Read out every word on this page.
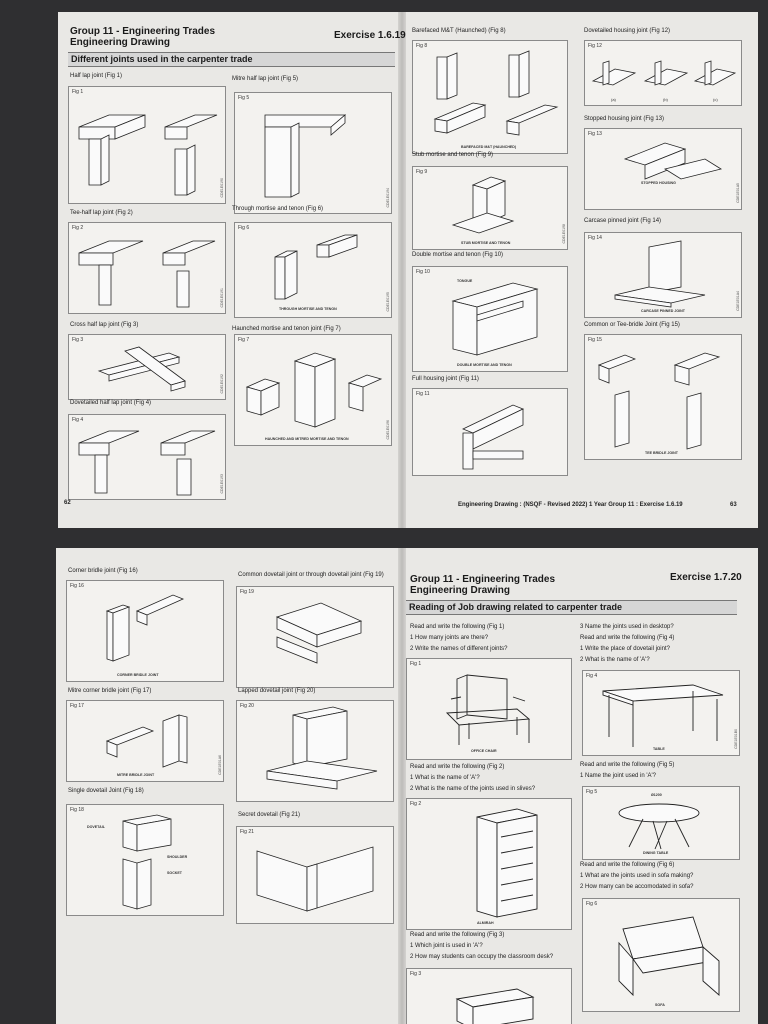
Group 11 - Engineering Trades
Engineering Drawing
Exercise 1.6.19
Different joints used in the carpenter trade
Half lap joint (Fig 1)
Fig 1
CDE1E0190
Mitre half lap joint (Fig 5)
Fig 5
CDE1E0194
Tee-half lap joint (Fig 2)
Fig 2
CDE1E0191
Through mortise and tenon (Fig 6)
Fig 6
THROUGH MORTISE AND TENON	CDE1E0195
Cross half lap joint (Fig 3)
Fig 3
CDE1E0192
Haunched mortise and tenon joint (Fig 7)
Fig 7
HAUNCHED AND MITRED MORTISE AND TENON	CDE1E0196
Dovetailed half lap joint (Fig 4)
Fig 4
CDE1E0193
62
Barefaced M&T (Haunched) (Fig 8)
Fig 8
BAREFACED M&T (HAUNCHED)
Stub mortise and tenon (Fig 9)
Fig 9
STUB MORTISE AND TENON	CDE1E0198
Double mortise and tenon (Fig 10)
Fig 10
TONGUE
DOUBLE MORTISE AND TENON
Full housing joint (Fig 11)
Fig 11
Dovetailed housing joint (Fig 12)
Fig 12
(a)	(b)	(c)
Stopped housing joint (Fig 13)
Fig 13
STOPPED HOUSING
CDE1E01A5
Carcase pinned joint (Fig 14)
Fig 14
CARCASE PINNED JOINT	CDE1E01A4
Common or Tee-bridle Joint (Fig 15)
Fig 15
TEE BRIDLE JOINT
Engineering Drawing : (NSQF - Revised 2022) 1 Year Group 11 : Exercise 1.6.19	63
Corner bridle joint (Fig 16)
Fig 16
CORNER BRIDLE JOINT
Common dovetail joint or through dovetail joint (Fig 19)
Fig 19
Mitre corner bridle joint (Fig 17)
Fig 17
MITRE BRIDLE JOINT	CDE1E01A6
Lapped dovetail joint (Fig 20)
Fig 20
Single dovetail Joint (Fig 18)
Fig 18
DOVETAIL
SHOULDER
SOCKET
Secret dovetail (Fig 21)
Fig 21
Group 11 - Engineering Trades
Engineering Drawing
Exercise 1.7.20
Reading of Job drawing related to carpenter trade
Read and write the following (Fig 1)
1 How many joints are there?
2 Write the names of different joints?
Fig 1
OFFICE CHAIR
3 Name the joints used in desktop?
Read and write the following (Fig 4)
1 Write the place of dovetail joint?
2 What is the name of 'A'?
Fig 4
TABLE	CDE1E01B0
Read and write the following (Fig 2)
1 What is the name of 'A'?
2 What is the name of the joints used in slives?
Fig 2
ALMIRAH
Read and write the following (Fig 5)
1 Name the joint used in 'A'?
Fig 5	Ø1200
DINING TABLE
Read and write the following (Fig 6)
1 What are the joints used in sofa making?
2 How many can be accomodated in sofa?
Fig 6
SOFA
Read and write the following (Fig 3)
1 Which joint is used in 'A'?
2 How may students can occupy the classroom desk?
Fig 3
